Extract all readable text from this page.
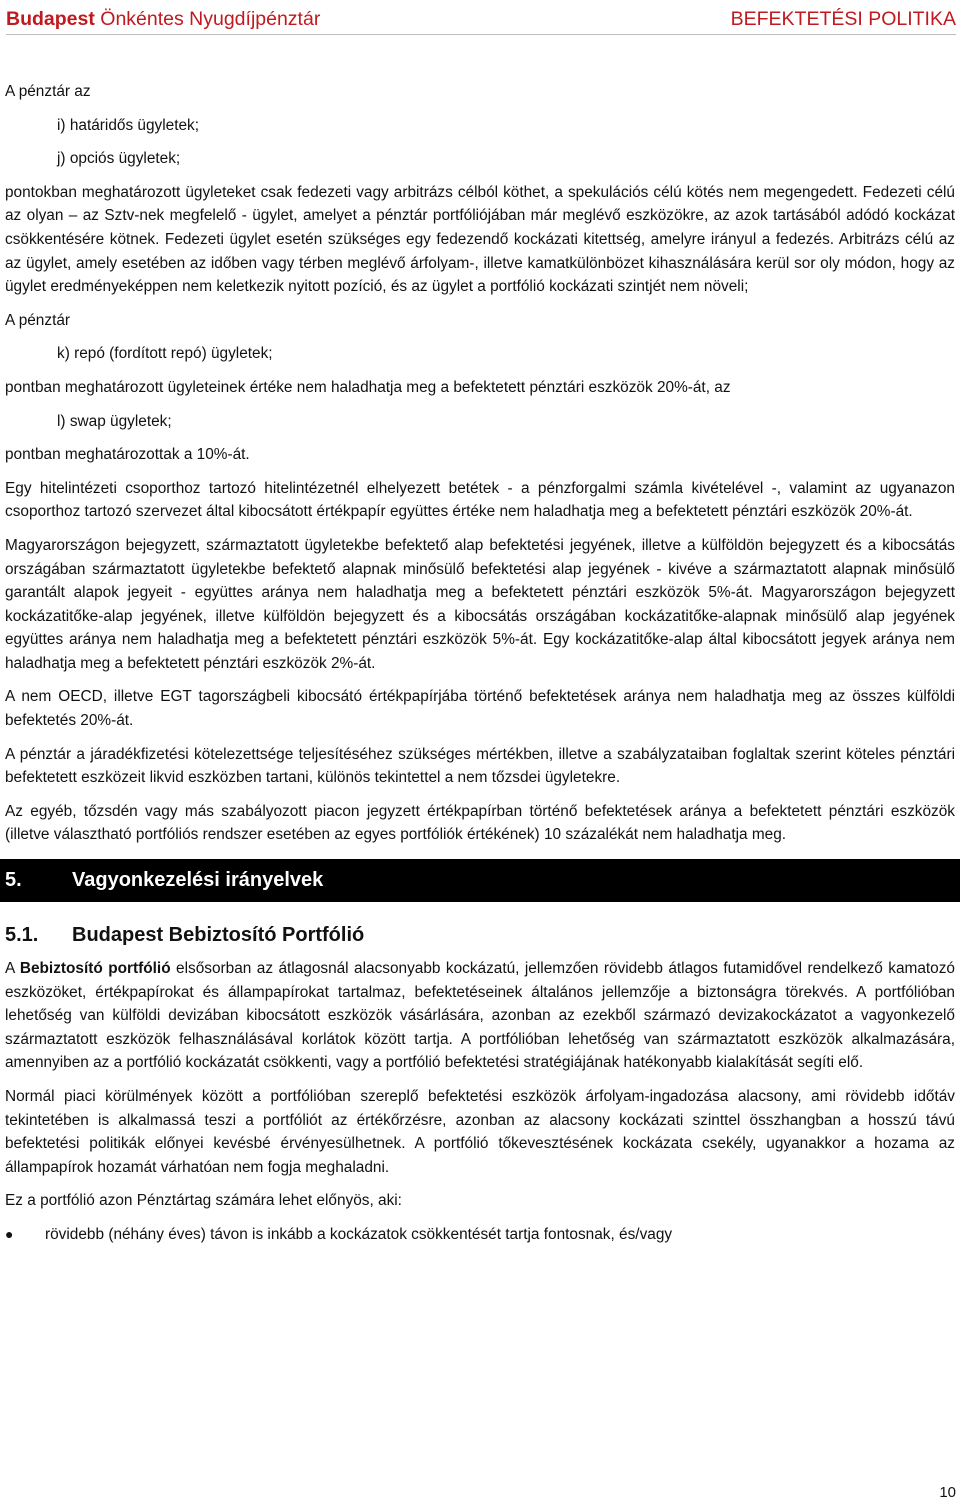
Budapest Önkéntes Nyugdíjpénztár	BEFEKTETÉSI POLITIKA

A pénztár az

i) határidős ügyletek;

j) opciós ügyletek;

pontokban meghatározott ügyleteket csak fedezeti vagy arbitrázs célból köthet, a spekulációs célú kötés nem megengedett. Fedezeti célú az olyan – az Sztv-nek megfelelő - ügylet, amelyet a pénztár portfóliójában már meglévő eszközökre, az azok tartásából adódó kockázat csökkentésére kötnek. Fedezeti ügylet esetén szükséges egy fedezendő kockázati kitettség, amelyre irányul a fedezés. Arbitrázs célú az az ügylet, amely esetében az időben vagy térben meglévő árfolyam-, illetve kamatkülönbözet kihasználására kerül sor oly módon, hogy az ügylet eredményeképpen nem keletkezik nyitott pozíció, és az ügylet a portfólió kockázati szintjét nem növeli;

A pénztár

k) repó (fordított repó) ügyletek;

pontban meghatározott ügyleteinek értéke nem haladhatja meg a befektetett pénztári eszközök 20%-át, az

l) swap ügyletek;

pontban meghatározottak a 10%-át.

Egy hitelintézeti csoporthoz tartozó hitelintézetnél elhelyezett betétek - a pénzforgalmi számla kivételével -, valamint az ugyanazon csoporthoz tartozó szervezet által kibocsátott értékpapír együttes értéke nem haladhatja meg a befektetett pénztári eszközök 20%-át.

Magyarországon bejegyzett, származtatott ügyletekbe befektető alap befektetési jegyének, illetve a külföldön bejegyzett és a kibocsátás országában származtatott ügyletekbe befektető alapnak minősülő befektetési alap jegyének - kivéve a származtatott alapnak minősülő garantált alapok jegyeit - együttes aránya nem haladhatja meg a befektetett pénztári eszközök 5%-át. Magyarországon bejegyzett kockázatitőke-alap jegyének, illetve külföldön bejegyzett és a kibocsátás országában kockázatitőke-alapnak minősülő alap jegyének együttes aránya nem haladhatja meg a befektetett pénztári eszközök 5%-át. Egy kockázatitőke-alap által kibocsátott jegyek aránya nem haladhatja meg a befektetett pénztári eszközök 2%-át.

A nem OECD, illetve EGT tagországbeli kibocsátó értékpapírjába történő befektetések aránya nem haladhatja meg az összes külföldi befektetés 20%-át.

A pénztár a járadékfizetési kötelezettsége teljesítéséhez szükséges mértékben, illetve a szabályzataiban foglaltak szerint köteles pénztári befektetett eszközeit likvid eszközben tartani, különös tekintettel a nem tőzsdei ügyletekre.

Az egyéb, tőzsdén vagy más szabályozott piacon jegyzett értékpapírban történő befektetések aránya a befektetett pénztári eszközök (illetve választható portfóliós rendszer esetében az egyes portfóliók értékének) 10 százalékát nem haladhatja meg.

5.	Vagyonkezelési irányelvek
5.1.	Budapest Bebiztosító Portfólió

A Bebiztosító portfólió elsősorban az átlagosnál alacsonyabb kockázatú, jellemzően rövidebb átlagos futamidővel rendelkező kamatozó eszközöket, értékpapírokat és állampapírokat tartalmaz, befektetéseinek általános jellemzője a biztonságra törekvés. A portfólióban lehetőség van külföldi devizában kibocsátott eszközök vásárlására, azonban az ezekből származó devizakockázatot a vagyonkezelő származtatott eszközök felhasználásával korlátok között tartja. A portfólióban lehetőség van származtatott eszközök alkalmazására, amennyiben az a portfólió kockázatát csökkenti, vagy a portfólió befektetési stratégiájának hatékonyabb kialakítását segíti elő.

Normál piaci körülmények között a portfólióban szereplő befektetési eszközök árfolyam-ingadozása alacsony, ami rövidebb időtáv tekintetében is alkalmassá teszi a portfóliót az értékőrzésre, azonban az alacsony kockázati szinttel összhangban a hosszú távú befektetési politikák előnyei kevésbé érvényesülhetnek. A portfólió tőkevesztésének kockázata csekély, ugyanakkor a hozama az állampapírok hozamát várhatóan nem fogja meghaladni.

Ez a portfólió azon Pénztártag számára lehet előnyös, aki:

●	rövidebb (néhány éves) távon is inkább a kockázatok csökkentését tartja fontosnak, és/vagy

10
